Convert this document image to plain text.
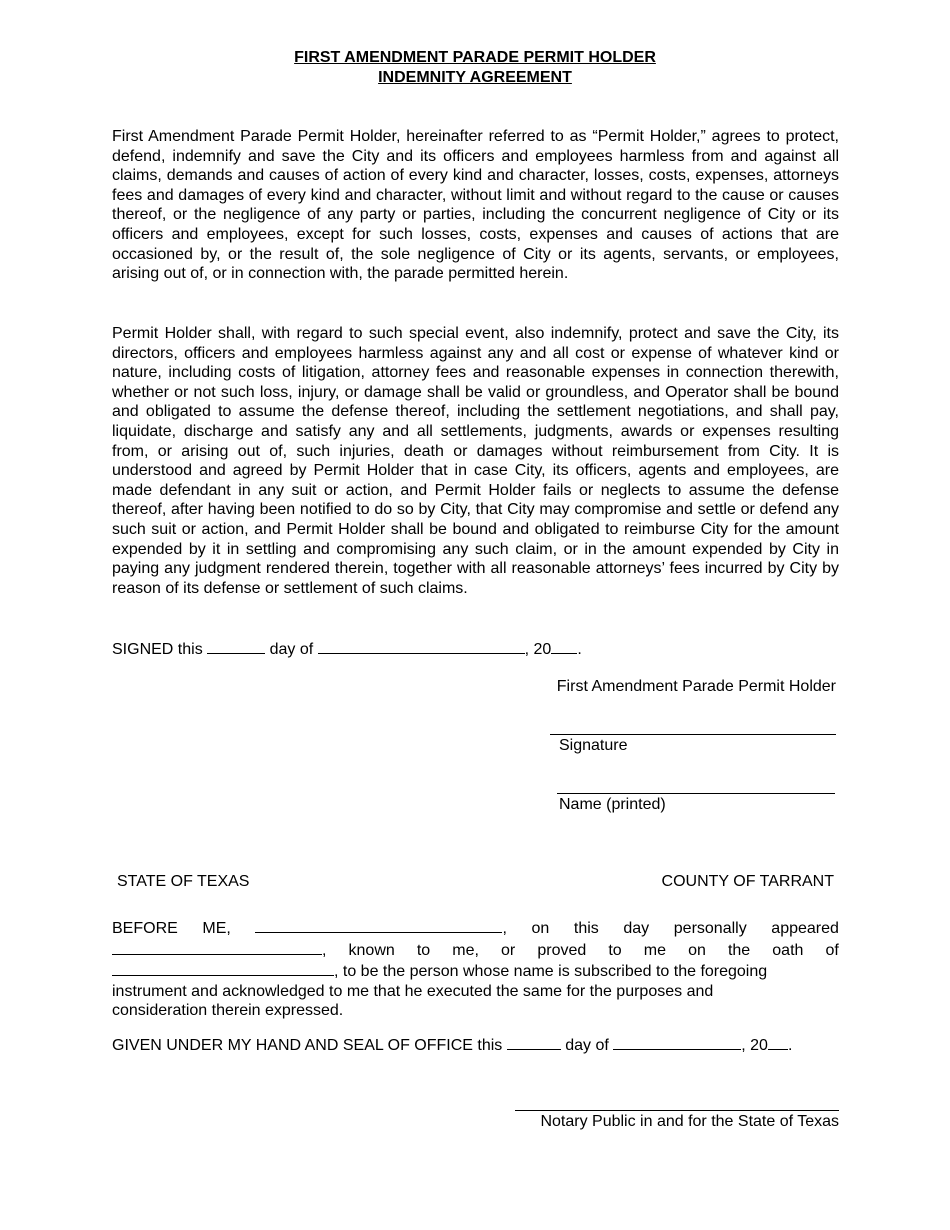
FIRST AMENDMENT PARADE PERMIT HOLDER
INDEMNITY AGREEMENT

First Amendment Parade Permit Holder, hereinafter referred to as “Permit Holder,” agrees to protect, defend, indemnify and save the City and its officers and employees harmless from and against all claims, demands and causes of action of every kind and character, losses, costs, expenses, attorneys fees and damages of every kind and character, without limit and without regard to the cause or causes thereof, or the negligence of any party or parties, including the concurrent negligence of City or its officers and employees, except for such losses, costs, expenses and causes of actions that are occasioned by, or the result of, the sole negligence of City or its agents, servants, or employees, arising out of, or in connection with, the parade permitted herein.

Permit Holder shall, with regard to such special event, also indemnify, protect and save the City, its directors, officers and employees harmless against any and all cost or expense of whatever kind or nature, including costs of litigation, attorney fees and reasonable expenses in connection therewith, whether or not such loss, injury, or damage shall be valid or groundless, and Operator shall be bound and obligated to assume the defense thereof, including the settlement negotiations, and shall pay, liquidate, discharge and satisfy any and all settlements, judgments, awards or expenses resulting from, or arising out of, such injuries, death or damages without reimbursement from City. It is understood and agreed by Permit Holder that in case City, its officers, agents and employees, are made defendant in any suit or action, and Permit Holder fails or neglects to assume the defense thereof, after having been notified to do so by City, that City may compromise and settle or defend any such suit or action, and Permit Holder shall be bound and obligated to reimburse City for the amount expended by it in settling and compromising any such claim, or in the amount expended by City in paying any judgment rendered therein, together with all reasonable attorneys’ fees incurred by City by reason of its defense or settlement of such claims.

SIGNED this	day of	, 20 .
First Amendment Parade Permit Holder
Signature
Name (printed)
STATE OF TEXAS	COUNTY OF TARRANT
BEFORE ME,	, on this day personally appeared
, known to me, or proved to me on the oath of
, to be the person whose name is subscribed to the foregoing
instrument and acknowledged to me that he executed the same for the purposes and
consideration therein expressed.
GIVEN UNDER MY HAND AND SEAL OF OFFICE this	day of	, 20 .
Notary Public in and for the State of Texas
